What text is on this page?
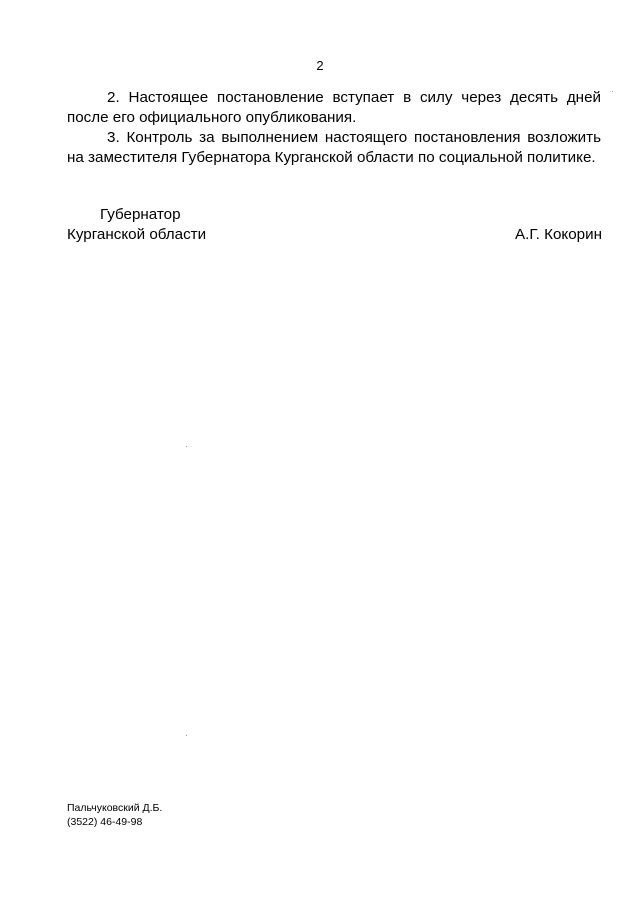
2

2. Настоящее постановление вступает в силу через десять дней после его официального опубликования.

3. Контроль за выполнением настоящего постановления возложить на заместителя Губернатора Курганской области по социальной политике.

Губернатор
Курганской области	А.Г. Кокорин
Пальчуковский Д.Б.
(3522) 46-49-98
